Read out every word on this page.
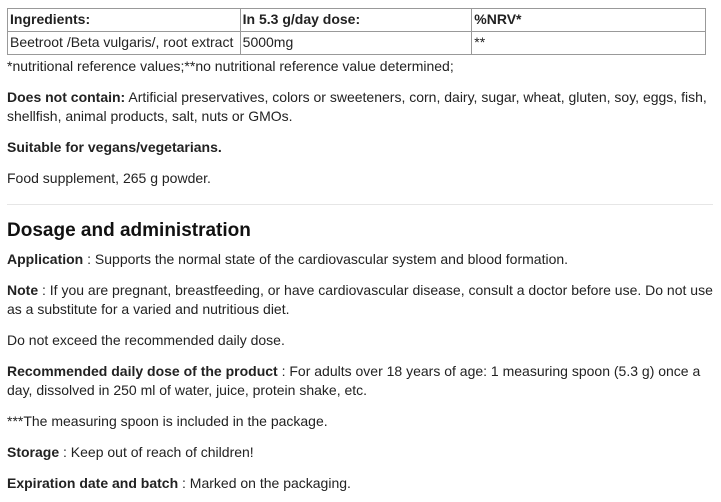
Ingredients:	In 5.3 g/day dose:	%NRV*
Beetroot /Beta vulgaris/, root extract	5000mg	**

*nutritional reference values;**no nutritional reference value determined;

Does not contain: Artificial preservatives, colors or sweeteners, corn, dairy, sugar, wheat, gluten, soy, eggs, fish, shellfish, animal products, salt, nuts or GMOs.

Suitable for vegans/vegetarians.

Food supplement, 265 g powder.

Dosage and administration

Application : Supports the normal state of the cardiovascular system and blood formation.

Note : If you are pregnant, breastfeeding, or have cardiovascular disease, consult a doctor before use. Do not use as a substitute for a varied and nutritious diet.

Do not exceed the recommended daily dose.

Recommended daily dose of the product : For adults over 18 years of age: 1 measuring spoon (5.3 g) once a day, dissolved in 250 ml of water, juice, protein shake, etc.

***The measuring spoon is included in the package.

Storage : Keep out of reach of children!

Expiration date and batch : Marked on the packaging.
